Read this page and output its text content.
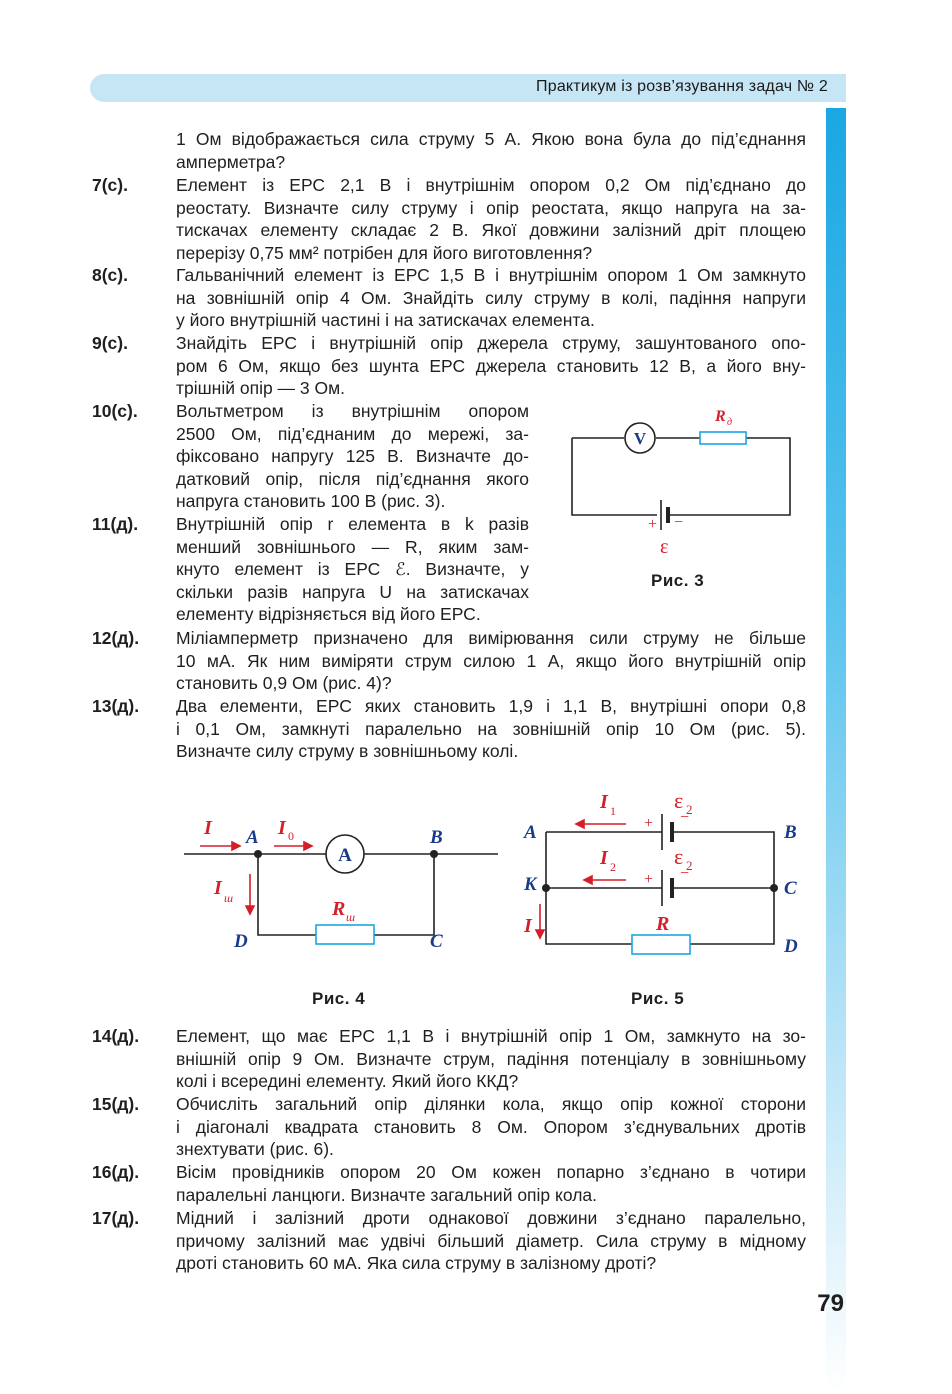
Практикум із розв’язування задач № 2
1 Ом відображається сила струму 5 А. Якою вона була до під’єднання
амперметра?
7(с).	Елемент із ЕРС 2,1 В і внутрішнім опором 0,2 Ом під’єднано до
реостату. Визначте силу струму і опір реостата, якщо напруга на за-
тискачах елементу складає 2 В. Якої довжини залізний дріт площею
перерізу 0,75 мм² потрібен для його виготовлення?
8(с).	Гальванічний елемент із ЕРС 1,5 В і внутрішнім опором 1 Ом замкнуто
на зовнішній опір 4 Ом. Знайдіть силу струму в колі, падіння напруги
у його внутрішній частині і на затискачах елемента.
9(с).	Знайдіть ЕРС і внутрішній опір джерела струму, зашунтованого опо-
ром 6 Ом, якщо без шунта ЕРС джерела становить 12 В, а його вну-
трішній опір — 3 Ом.
10(с). Вольтметром із внутрішнім опором
2500 Ом, під’єднаним до мережі, за-
фіксовано напругу 125 В. Визначте до-
датковий опір, після під’єднання якого
напруга становить 100 В (рис. 3).
11(д). Внутрішній опір r елемента в k разів
менший зовнішнього — R, яким зам-
кнуто елемент із ЕРС ℰ. Визначте, у
скільки разів напруга U на затискачах
елементу відрізняється від його ЕРС.
V
R д
+ −
ε
Рис. 3
12(д). Міліамперметр призначено для вимірювання сили струму не більше
10 мА. Як ним виміряти струм силою 1 А, якщо його внутрішній опір
становить 0,9 Ом (рис. 4)?
13(д). Два елементи, ЕРС яких становить 1,9 і 1,1 В, внутрішні опори 0,8
і 0,1 Ом, замкнуті паралельно на зовнішній опір 10 Ом (рис. 5).
Визначте силу струму в зовнішньому колі.
A
I	I 0
I ш	R ш
A	B
D	C
Рис. 4
+ −
+ −
ε 2
ε 2
I 1
I 2
I	R
A	B
K	C
D
Рис. 5
14(д). Елемент, що має ЕРС 1,1 В і внутрішній опір 1 Ом, замкнуто на зо-
внішній опір 9 Ом. Визначте струм, падіння потенціалу в зовнішньому
колі і всередині елементу. Який його ККД?
15(д). Обчисліть загальний опір ділянки кола, якщо опір кожної сторони
і діагоналі квадрата становить 8 Ом. Опором з’єднувальних дротів
знехтувати (рис. 6).
16(д). Вісім провідників опором 20 Ом кожен попарно з’єднано в чотири
паралельні ланцюги. Визначте загальний опір кола.
17(д). Мідний і залізний дроти однакової довжини з’єднано паралельно,
причому залізний має удвічі більший діаметр. Сила струму в мідному
дроті становить 60 мА. Яка сила струму в залізному дроті?
79
